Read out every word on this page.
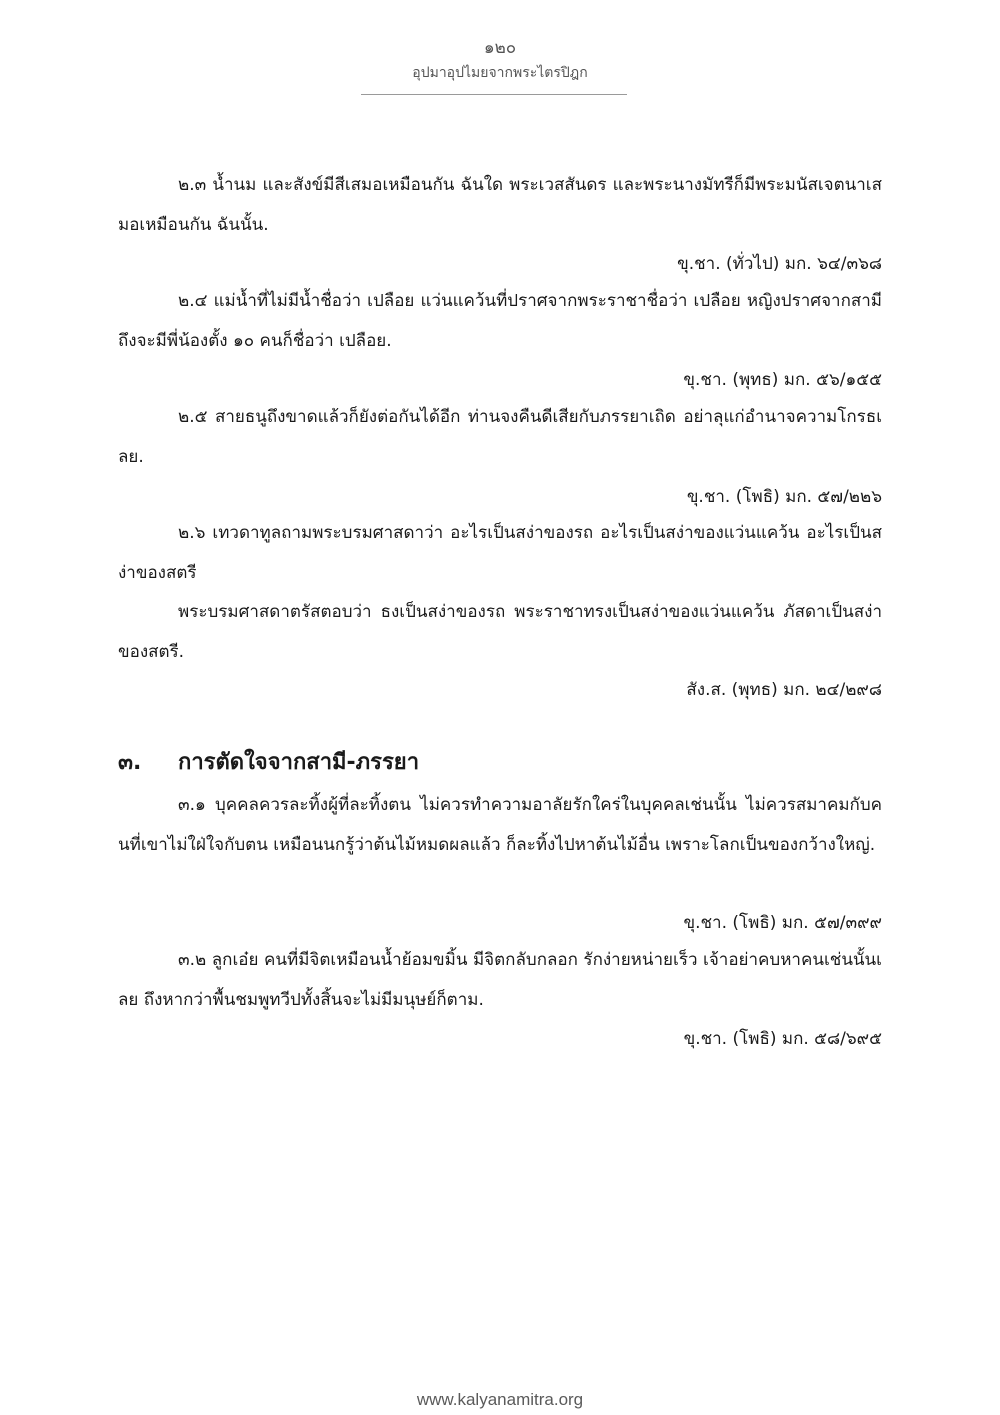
๑๒๐
อุปมาอุปไมยจากพระไตรปิฎก
๒.๓ น้ำนม และสังข์มีสีเสมอเหมือนกัน ฉันใด พระเวสสันดร และพระนางมัทรีก็มีพระมนัสเจตนาเสมอเหมือนกัน ฉันนั้น.
ขุ.ชา. (ทั่วไป) มก. ๖๔/๓๖๘
๒.๔ แม่น้ำที่ไม่มีน้ำชื่อว่า เปลือย แว่นแคว้นที่ปราศจากพระราชาชื่อว่า เปลือย หญิงปราศจากสามีถึงจะมีพี่น้องตั้ง ๑๐ คนก็ชื่อว่า เปลือย.
ขุ.ชา. (พุทธ) มก. ๕๖/๑๕๕
๒.๕ สายธนูถึงขาดแล้วก็ยังต่อกันได้อีก ท่านจงคืนดีเสียกับภรรยาเถิด อย่าลุแก่อำนาจความโกรธเลย.
ขุ.ชา. (โพธิ) มก. ๕๗/๒๒๖
๒.๖ เทวดาทูลถามพระบรมศาสดาว่า อะไรเป็นสง่าของรถ อะไรเป็นสง่าของแว่นแคว้น อะไรเป็นสง่าของสตรี
พระบรมศาสดาตรัสตอบว่า ธงเป็นสง่าของรถ พระราชาทรงเป็นสง่าของแว่นแคว้น ภัสดาเป็นสง่าของสตรี.
สัง.ส. (พุทธ) มก. ๒๔/๒๙๘
๓. การตัดใจจากสามี-ภรรยา
๓.๑ บุคคลควรละทิ้งผู้ที่ละทิ้งตน ไม่ควรทำความอาลัยรักใคร่ในบุคคลเช่นนั้น ไม่ควรสมาคมกับคนที่เขาไม่ใฝ่ใจกับตน เหมือนนกรู้ว่าต้นไม้หมดผลแล้ว ก็ละทิ้งไปหาต้นไม้อื่น เพราะโลกเป็นของกว้างใหญ่.
ขุ.ชา. (โพธิ) มก. ๕๗/๓๙๙
๓.๒ ลูกเอ๋ย คนที่มีจิตเหมือนน้ำย้อมขมิ้น มีจิตกลับกลอก รักง่ายหน่ายเร็ว เจ้าอย่าคบหาคนเช่นนั้นเลย ถึงหากว่าพื้นชมพูทวีปทั้งสิ้นจะไม่มีมนุษย์ก็ตาม.
ขุ.ชา. (โพธิ) มก. ๕๘/๖๙๕
www.kalyanamitra.org
